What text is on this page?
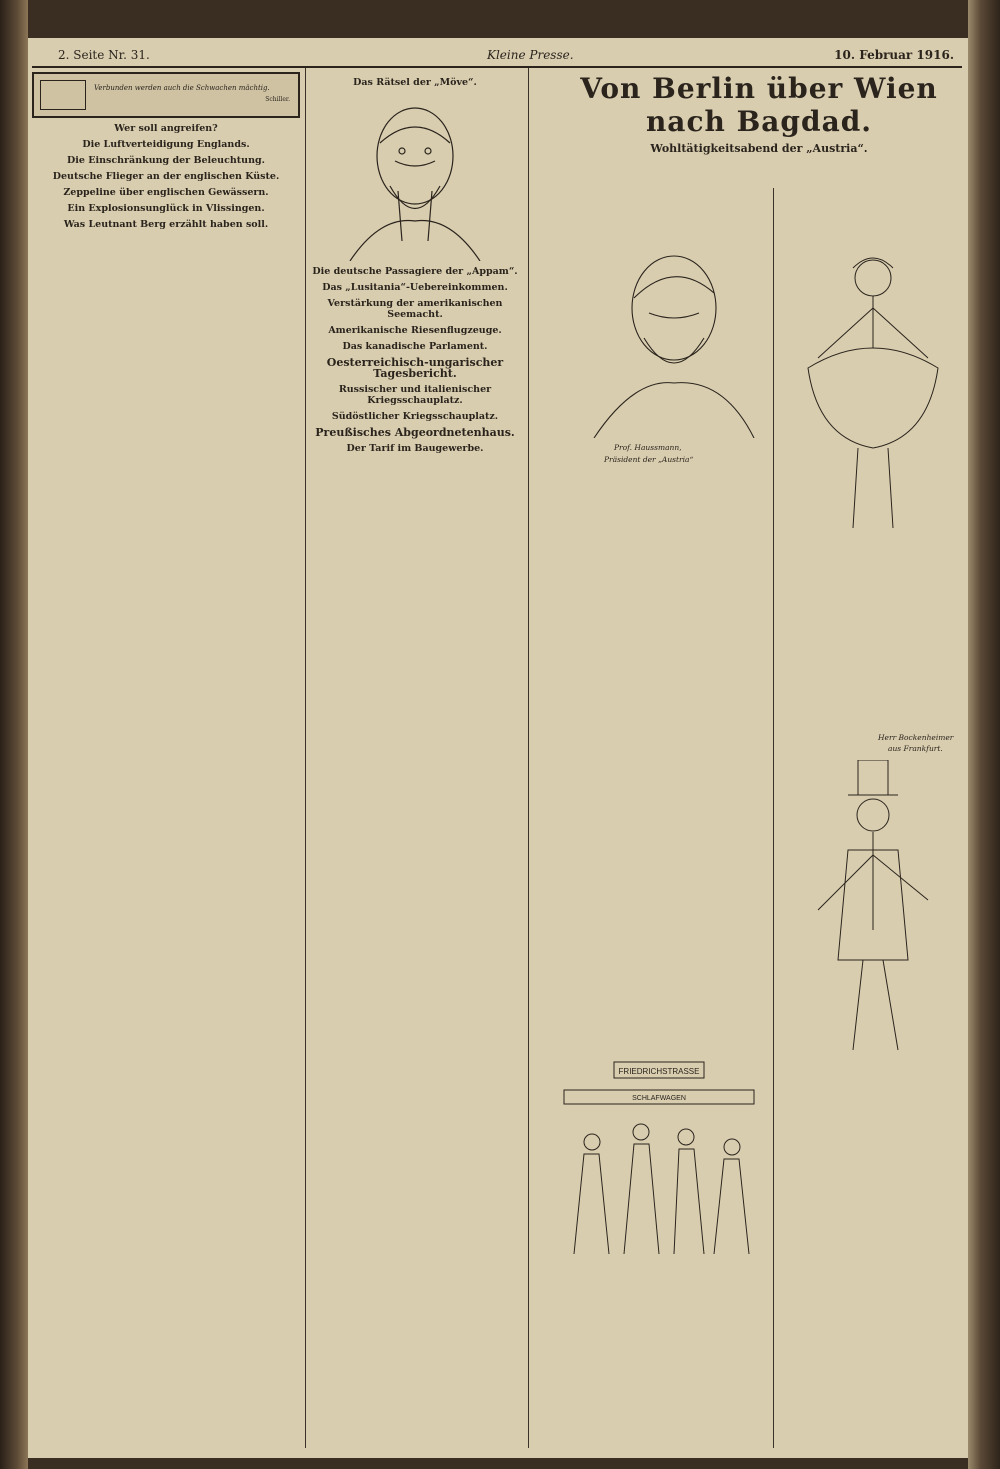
2. Seite Nr. 31.	Kleine Presse.	10. Februar 1916.
Verbunden werden auch die Schwachen mächtig.
Schiller.
Wer soll angreifen?
Die Luftverteidigung Englands.
Die Einschränkung der Beleuchtung.
Deutsche Flieger an der englischen Küste.
Zeppeline über englischen Gewässern.
Ein Explosionsunglück in Vlissingen.
Was Leutnant Berg erzählt haben soll.
Das Rätsel der „Möve“.
Die deutsche Passagiere der „Appam“.
Das „Lusitania“-Uebereinkommen.
Verstärkung der amerikanischen Seemacht.
Amerikanische Riesenflugzeuge.
Das kanadische Parlament.
Oesterreichisch-ungarischer Tagesbericht.
Russischer und italienischer Kriegsschauplatz.
Südöstlicher Kriegsschauplatz.
Preußisches Abgeordnetenhaus.
Der Tarif im Baugewerbe.
Von Berlin über Wien nach Bagdad.
Wohltätigkeitsabend der „Austria“.
Prof. Haussmann,
Präsident der „Austria“
FRIEDRICHSTRASSE
SCHLAFWAGEN
Herr Bockenheimer
aus Frankfurt.
